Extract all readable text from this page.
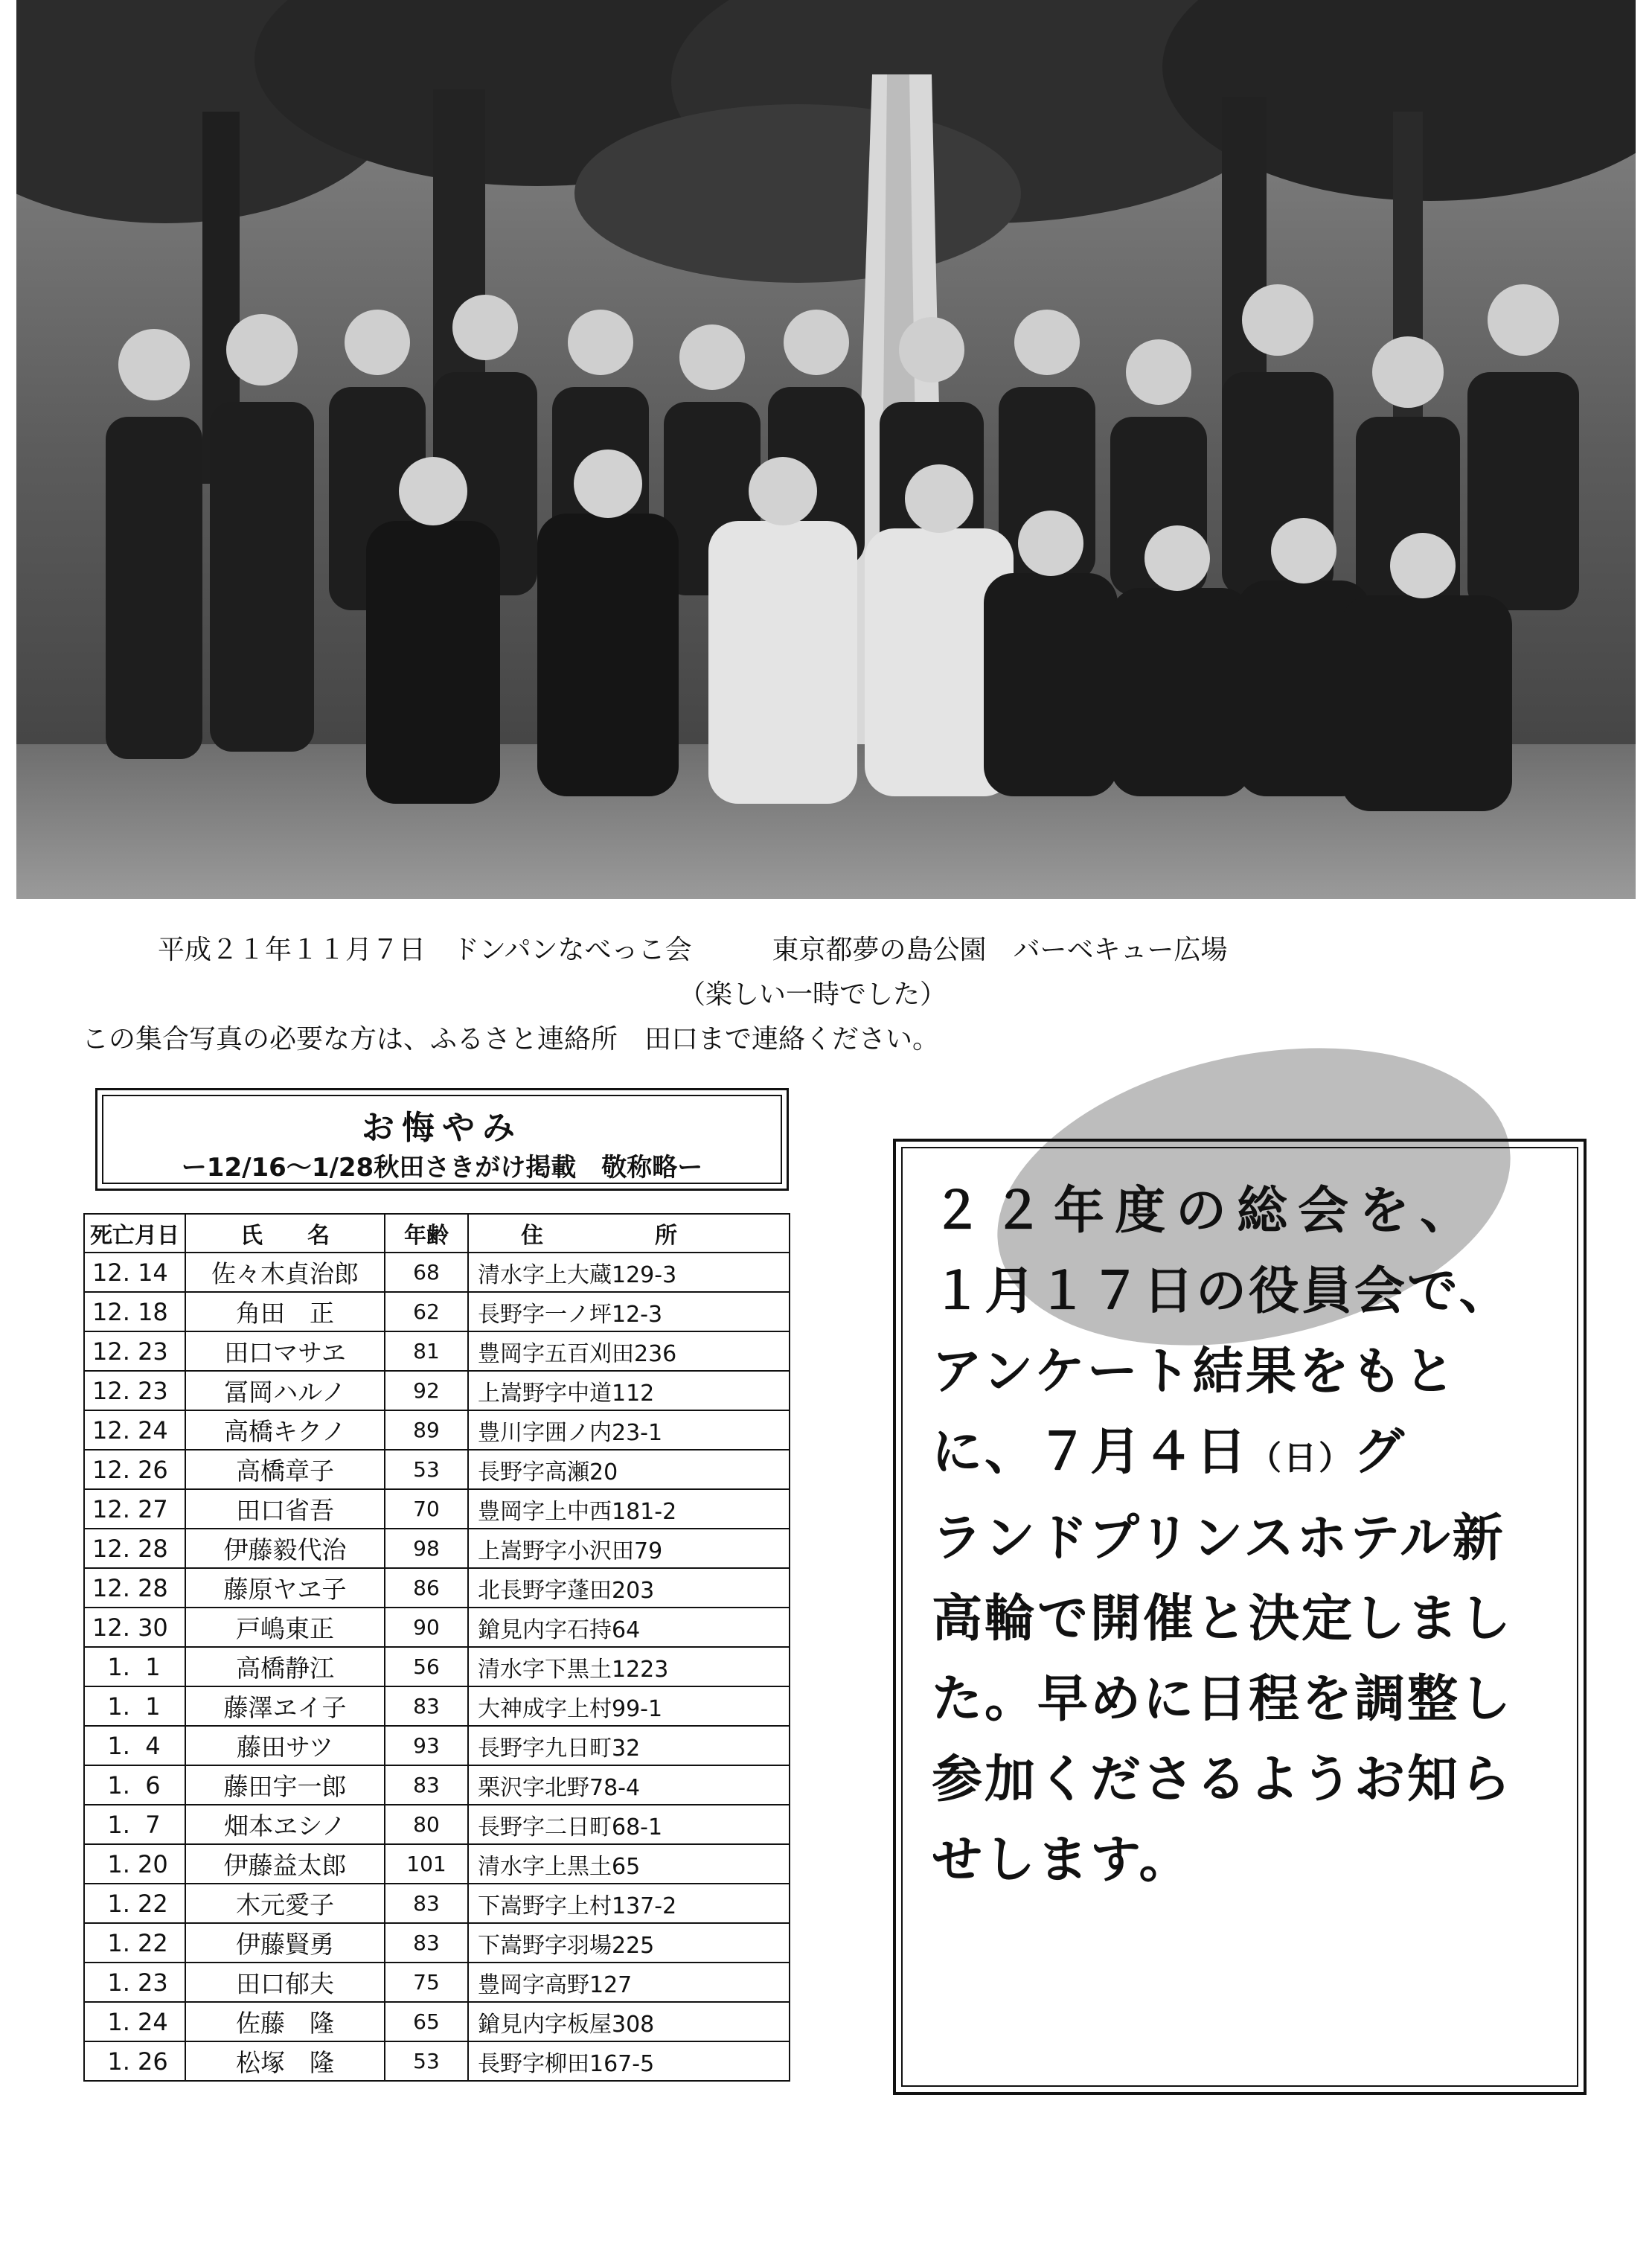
平成２１年１１月７日　ドンパンなべっこ会　　　東京都夢の島公園　バーベキュー広場
（楽しい一時でした）
この集合写真の必要な方は、ふるさと連絡所　田口まで連絡ください。
お悔やみ
ー12/16～1/28秋田さきがけ掲載　敬称略ー
死亡月日	氏　　名	年齢	住　　　　　所
12. 14	佐々木貞治郎	68	清水字上大蔵129-3
12. 18	角田　正	62	長野字一ノ坪12-3
12. 23	田口マサヱ	81	豊岡字五百刈田236
12. 23	冨岡ハルノ	92	上嵩野字中道112
12. 24	高橋キクノ	89	豊川字囲ノ内23-1
12. 26	高橋章子	53	長野字高瀬20
12. 27	田口省吾	70	豊岡字上中西181-2
12. 28	伊藤毅代治	98	上嵩野字小沢田79
12. 28	藤原ヤヱ子	86	北長野字蓬田203
12. 30	戸嶋東正	90	鎗見内字石持64
1.  1	高橋静江	56	清水字下黒土1223
1.  1	藤澤ヱイ子	83	大神成字上村99-1
1.  4	藤田サツ	93	長野字九日町32
1.  6	藤田宇一郎	83	栗沢字北野78-4
1.  7	畑本ヱシノ	80	長野字二日町68-1
1. 20	伊藤益太郎	101	清水字上黒土65
1. 22	木元愛子	83	下嵩野字上村137-2
1. 22	伊藤賢勇	83	下嵩野字羽場225
1. 23	田口郁夫	75	豊岡字高野127
1. 24	佐藤　隆	65	鎗見内字板屋308
1. 26	松塚　隆	53	長野字柳田167-5
２２年度の総会を、
１月１７日の役員会で、
アンケート結果をもと
に、７月４日（日）グ
ランドプリンスホテル新
高輪で開催と決定しまし
た。早めに日程を調整し
参加くださるようお知ら
せします。
